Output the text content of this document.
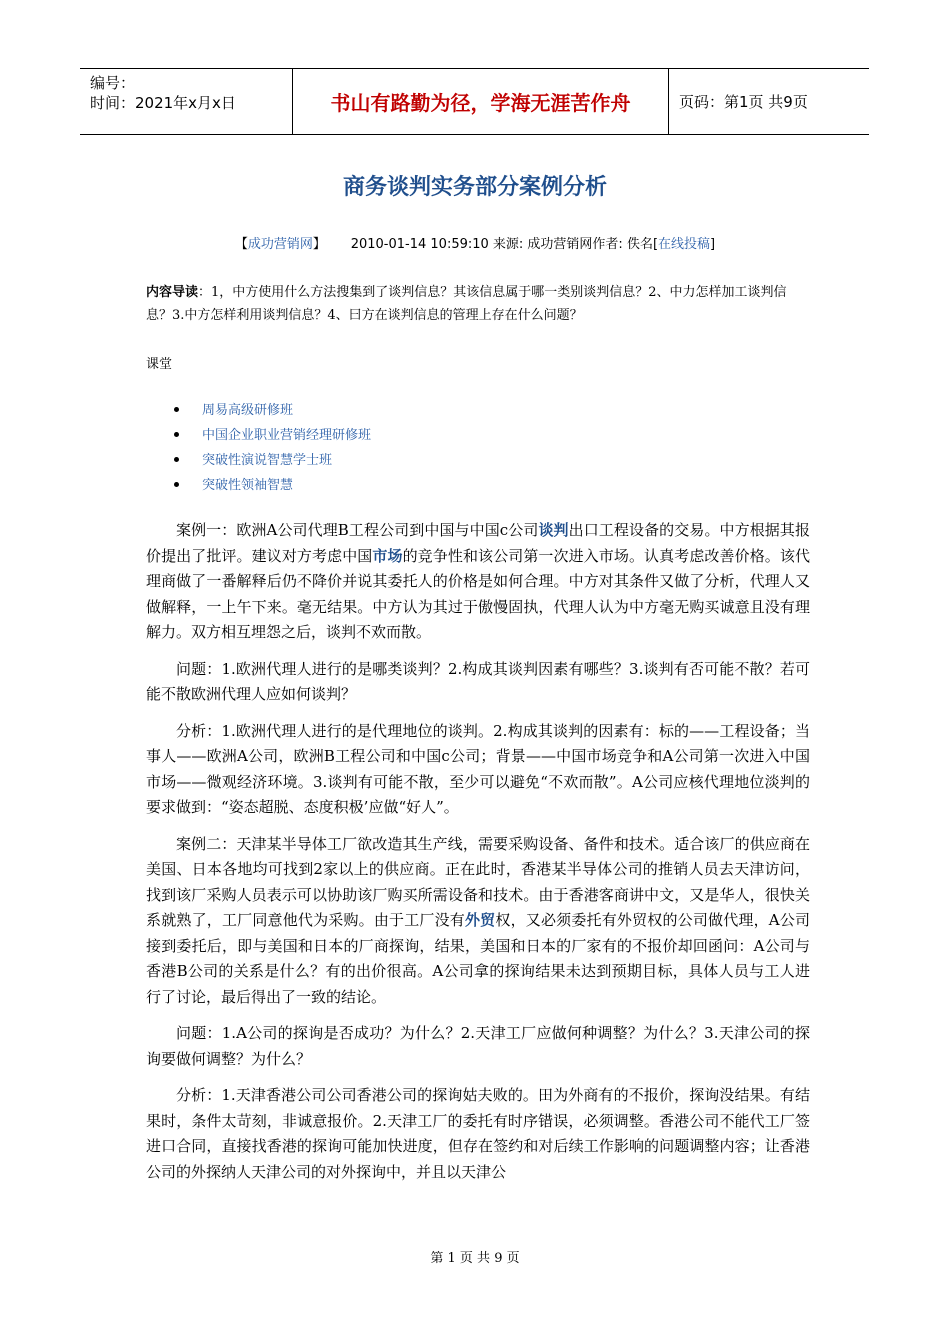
编号：
时间：2021年x月x日	书山有路勤为径，学海无涯苦作舟	页码：第1页 共9页
商务谈判实务部分案例分析
【成功营销网】 2010-01-14 10:59:10 来源: 成功营销网作者: 佚名[在线投稿]
内容导读：1，中方使用什么方法搜集到了谈判信息？其该信息属于哪一类别谈判信息？2、中力怎样加工谈判信息？3.中方怎样利用谈判信息？4、曰方在谈判信息的管理上存在什么问题？
课堂
周易高级研修班
中国企业职业营销经理研修班
突破性演说智慧学士班
突破性领袖智慧

案例一：欧洲A公司代理B工程公司到中国与中国c公司谈判出口工程设备的交易。中方根据其报价提出了批评。建议对方考虑中国市场的竞争性和该公司第一次进入市场。认真考虑改善价格。该代理商做了一番解释后仍不降价并说其委托人的价格是如何合理。中方对其条件又做了分析，代理人又做解释，一上午下来。毫无结果。中方认为其过于傲慢固执，代理人认为中方毫无购买诚意且没有理解力。双方相互埋怨之后，谈判不欢而散。

问题：1.欧洲代理人进行的是哪类谈判？2.构成其谈判因素有哪些？3.谈判有否可能不散？若可能不散欧洲代理人应如何谈判？

分析：1.欧洲代理人进行的是代理地位的谈判。2.构成其谈判的因素有：标的——工程设备；当事人——欧洲A公司，欧洲B工程公司和中国c公司；背景——中国市场竞争和A公司第一次进入中国市场——微观经济环境。3.谈判有可能不散，至少可以避免“不欢而散”。A公司应核代理地位淡判的要求做到：“姿态超脱、态度积极’应做“好人”。

案例二：天津某半导体工厂欲改造其生产线，需要采购设备、备件和技术。适合该厂的供应商在美国、日本各地均可找到2家以上的供应商。正在此时，香港某半导体公司的推销人员去天津访问，找到该厂采购人员表示可以协助该厂购买所需设备和技术。由于香港客商讲中文，又是华人，很快关系就熟了，工厂同意他代为采购。由于工厂没有外贸权，又必须委托有外贸权的公司做代理，A公司接到委托后，即与美国和日本的厂商探询，结果，美国和日本的厂家有的不报价却回函问：A公司与香港B公司的关系是什么？有的出价很高。A公司拿的探询结果未达到预期目标，具体人员与工人进行了讨论，最后得出了一致的结论。

问题：1.A公司的探询是否成功？为什么？2.天津工厂应做何种调整？为什么？3.天津公司的探询要做何调整？为什么？

分析：1.天津香港公司公司香港公司的探询姑夫败的。田为外商有的不报价，探询没结果。有结果时，条件太苛刻，非诚意报价。2.天津工厂的委托有时序错误，必须调整。香港公司不能代工厂签进口合同，直接找香港的探询可能加快进度，但存在签约和对后续工作影响的问题调整内容；让香港公司的外探纳人天津公司的对外探询中，并且以天津公

第 1 页 共 9 页
